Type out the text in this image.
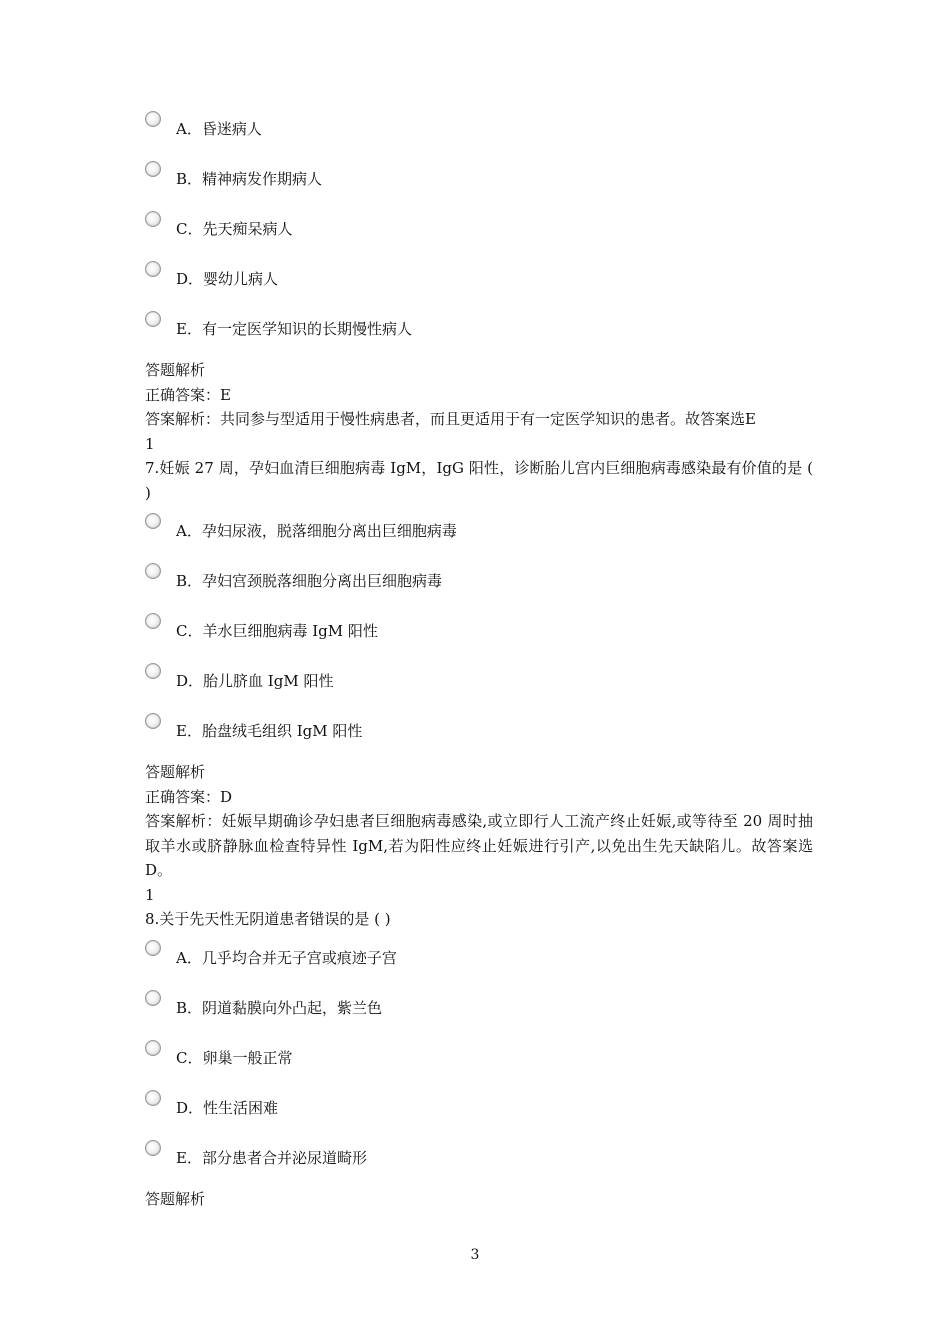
A．昏迷病人
B．精神病发作期病人
C．先天痴呆病人
D．婴幼儿病人
E．有一定医学知识的长期慢性病人
答题解析
正确答案：E
答案解析：共同参与型适用于慢性病患者，而且更适用于有一定医学知识的患者。故答案选E
1
7.妊娠 27 周，孕妇血清巨细胞病毒 IgM，IgG 阳性，诊断胎儿宫内巨细胞病毒感染最有价值的是 ( )
A．孕妇尿液，脱落细胞分离出巨细胞病毒
B．孕妇宫颈脱落细胞分离出巨细胞病毒
C．羊水巨细胞病毒 IgM 阳性
D．胎儿脐血 IgM 阳性
E．胎盘绒毛组织 IgM 阳性
答题解析
正确答案：D
答案解析：妊娠早期确诊孕妇患者巨细胞病毒感染,或立即行人工流产终止妊娠,或等待至 20 周时抽取羊水或脐静脉血检查特异性 IgM,若为阳性应终止妊娠进行引产,以免出生先天缺陷儿。故答案选 D。
1
8.关于先天性无阴道患者错误的是 ( )
A．几乎均合并无子宫或痕迹子宫
B．阴道黏膜向外凸起，紫兰色
C．卵巢一般正常
D．性生活困难
E．部分患者合并泌尿道畸形
答题解析
3
